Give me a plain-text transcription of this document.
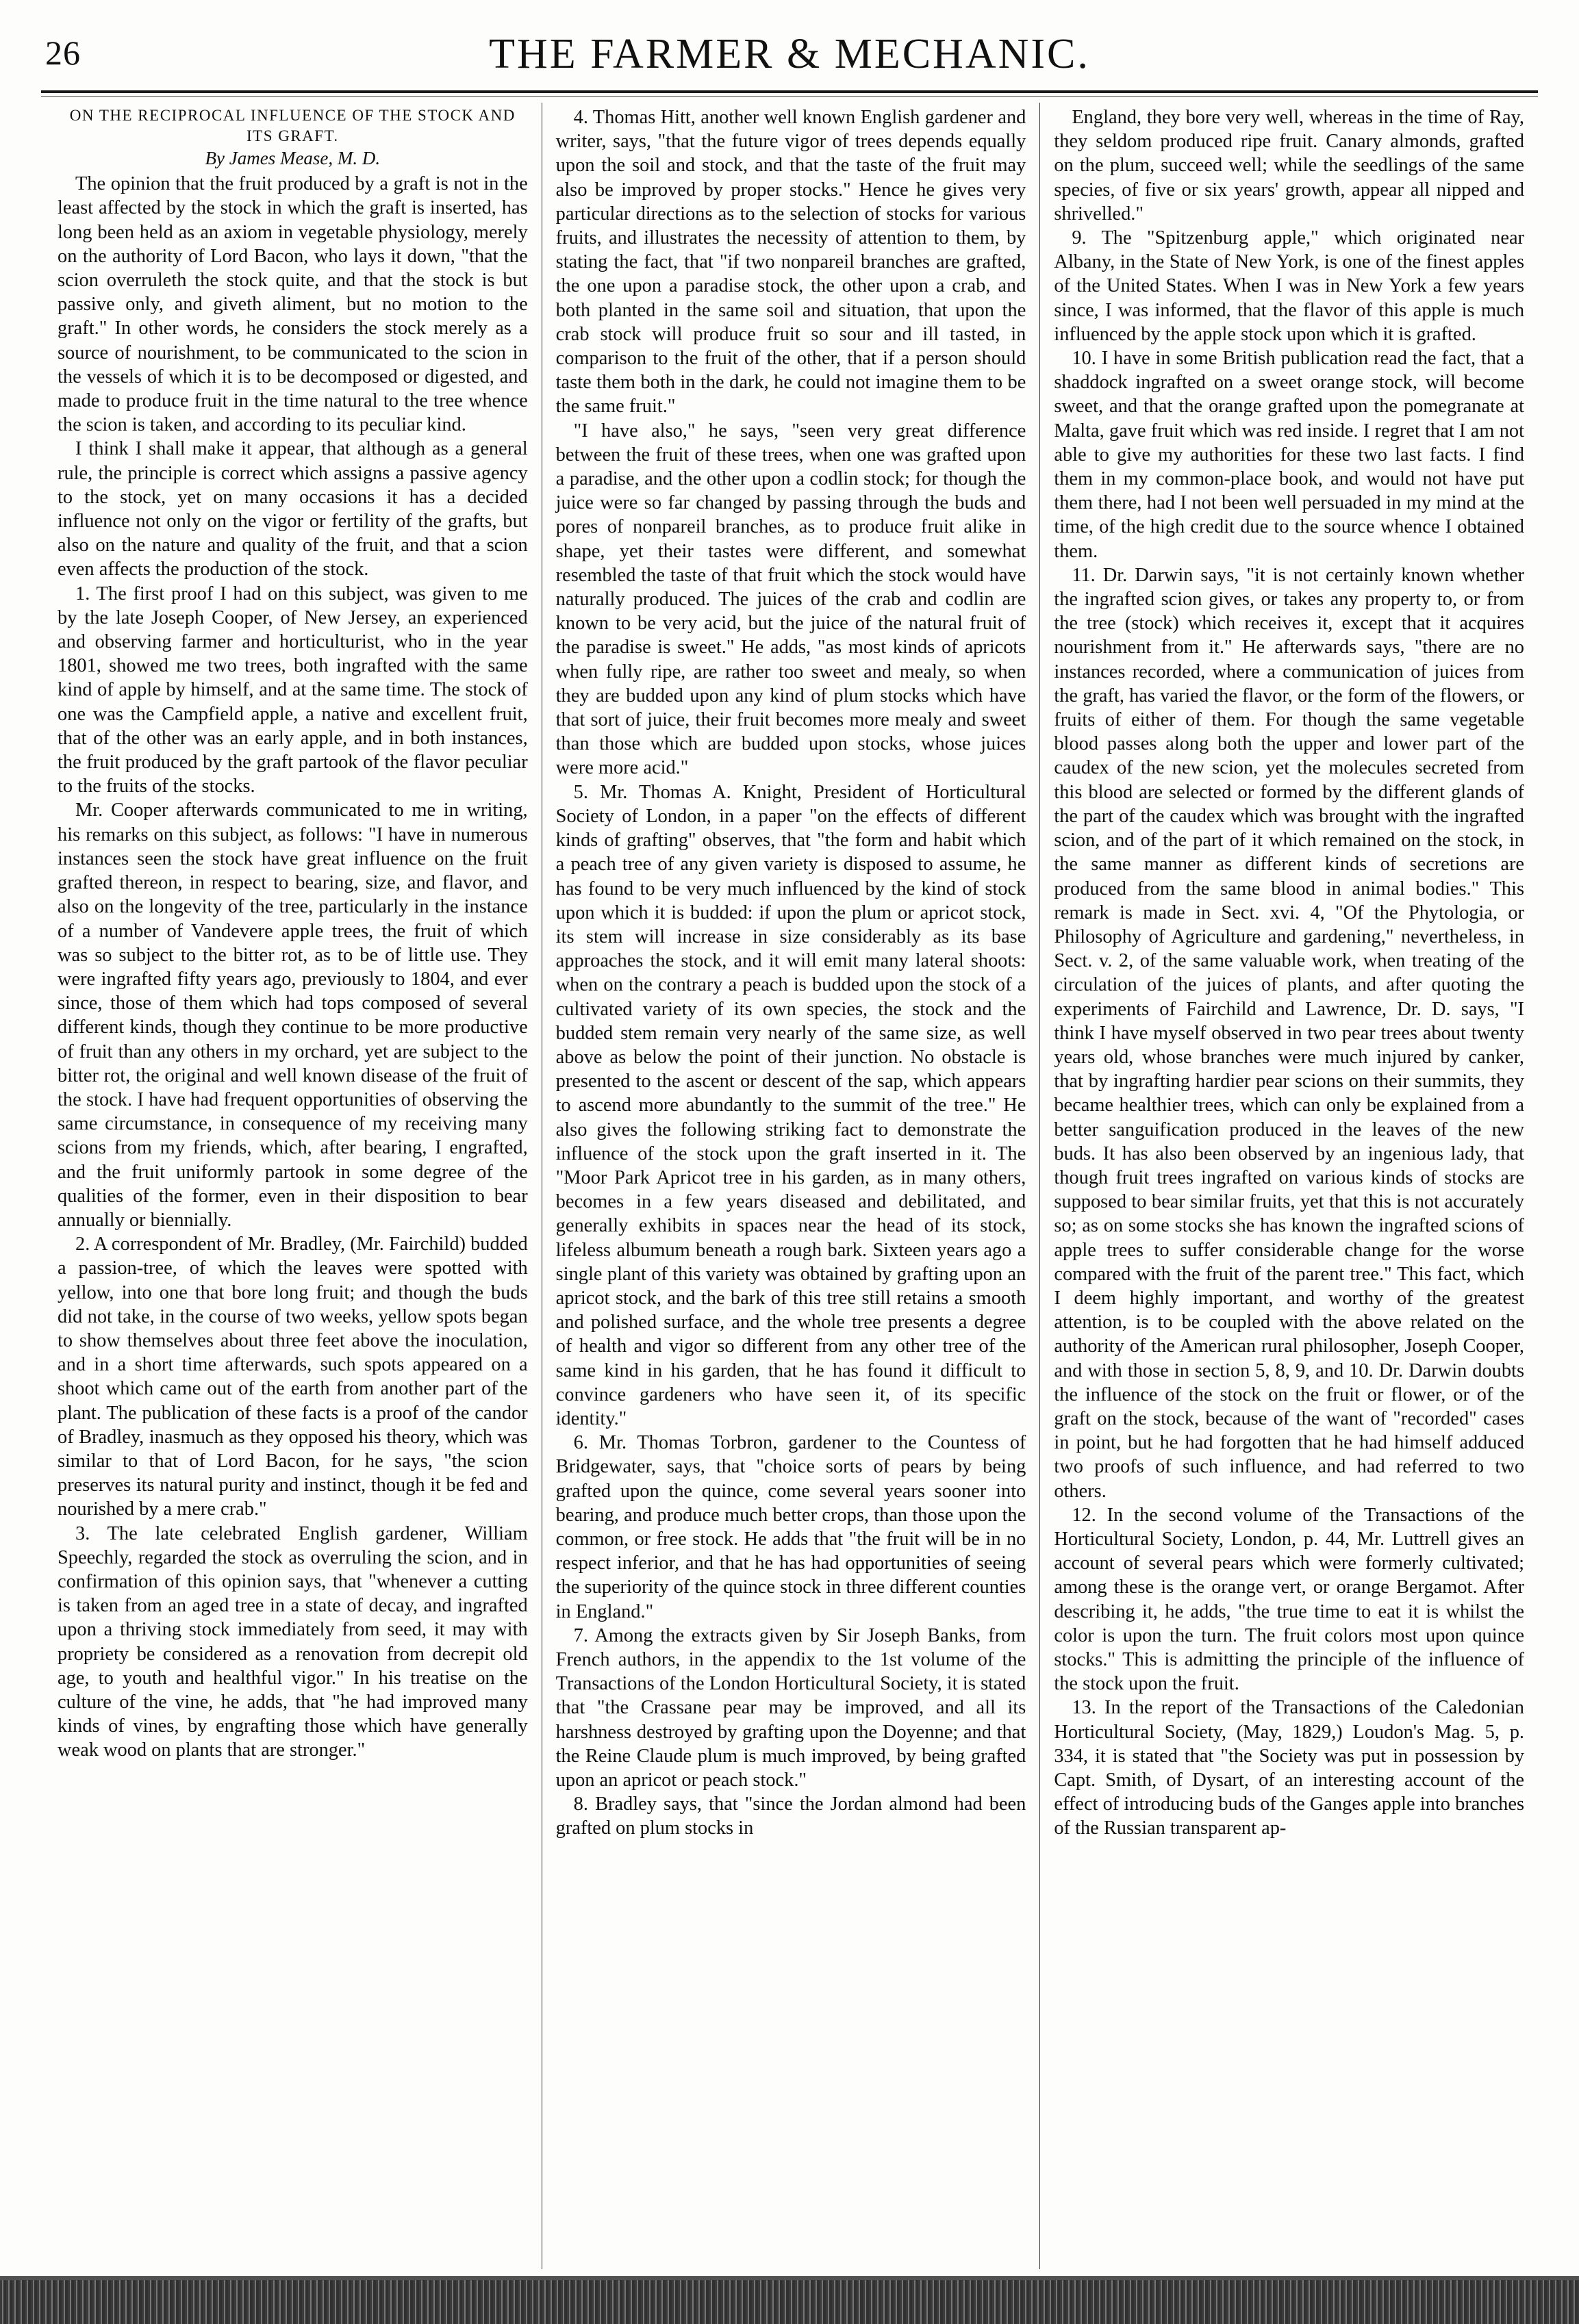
26	THE FARMER & MECHANIC.
ON THE RECIPROCAL INFLUENCE OF THE STOCK AND ITS GRAFT.
By James Mease, M. D.

The opinion that the fruit produced by a graft is not in the least affected by the stock in which the graft is inserted, has long been held as an axiom in vegetable physiology, merely on the authority of Lord Bacon, who lays it down, "that the scion overruleth the stock quite, and that the stock is but passive only, and giveth aliment, but no motion to the graft." In other words, he considers the stock merely as a source of nourishment, to be communicated to the scion in the vessels of which it is to be decomposed or digested, and made to produce fruit in the time natural to the tree whence the scion is taken, and according to its peculiar kind.

I think I shall make it appear, that although as a general rule, the principle is correct which assigns a passive agency to the stock, yet on many occasions it has a decided influence not only on the vigor or fertility of the grafts, but also on the nature and quality of the fruit, and that a scion even affects the production of the stock.

1. The first proof I had on this subject, was given to me by the late Joseph Cooper, of New Jersey, an experienced and observing farmer and horticulturist, who in the year 1801, showed me two trees, both ingrafted with the same kind of apple by himself, and at the same time. The stock of one was the Campfield apple, a native and excellent fruit, that of the other was an early apple, and in both instances, the fruit produced by the graft partook of the flavor peculiar to the fruits of the stocks.

Mr. Cooper afterwards communicated to me in writing, his remarks on this subject, as follows: "I have in numerous instances seen the stock have great influence on the fruit grafted thereon, in respect to bearing, size, and flavor, and also on the longevity of the tree, particularly in the instance of a number of Vandevere apple trees, the fruit of which was so subject to the bitter rot, as to be of little use. They were ingrafted fifty years ago, previously to 1804, and ever since, those of them which had tops composed of several different kinds, though they continue to be more productive of fruit than any others in my orchard, yet are subject to the bitter rot, the original and well known disease of the fruit of the stock. I have had frequent opportunities of observing the same circumstance, in consequence of my receiving many scions from my friends, which, after bearing, I engrafted, and the fruit uniformly partook in some degree of the qualities of the former, even in their disposition to bear annually or biennially.

2. A correspondent of Mr. Bradley, (Mr. Fairchild) budded a passion-tree, of which the leaves were spotted with yellow, into one that bore long fruit; and though the buds did not take, in the course of two weeks, yellow spots began to show themselves about three feet above the inoculation, and in a short time afterwards, such spots appeared on a shoot which came out of the earth from another part of the plant. The publication of these facts is a proof of the candor of Bradley, inasmuch as they opposed his theory, which was similar to that of Lord Bacon, for he says, "the scion preserves its natural purity and instinct, though it be fed and nourished by a mere crab."

3. The late celebrated English gardener, William Speechly, regarded the stock as overruling the scion, and in confirmation of this opinion says, that "whenever a cutting is taken from an aged tree in a state of decay, and ingrafted upon a thriving stock immediately from seed, it may with propriety be considered as a renovation from decrepit old age, to youth and healthful vigor." In his treatise on the culture of the vine, he adds, that "he had improved many kinds of vines, by engrafting those which have generally weak wood on plants that are stronger."

4. Thomas Hitt, another well known English gardener and writer, says, "that the future vigor of trees depends equally upon the soil and stock, and that the taste of the fruit may also be improved by proper stocks." Hence he gives very particular directions as to the selection of stocks for various fruits, and illustrates the necessity of attention to them, by stating the fact, that "if two nonpareil branches are grafted, the one upon a paradise stock, the other upon a crab, and both planted in the same soil and situation, that upon the crab stock will produce fruit so sour and ill tasted, in comparison to the fruit of the other, that if a person should taste them both in the dark, he could not imagine them to be the same fruit."

"I have also," he says, "seen very great difference between the fruit of these trees, when one was grafted upon a paradise, and the other upon a codlin stock; for though the juice were so far changed by passing through the buds and pores of nonpareil branches, as to produce fruit alike in shape, yet their tastes were different, and somewhat resembled the taste of that fruit which the stock would have naturally produced. The juices of the crab and codlin are known to be very acid, but the juice of the natural fruit of the paradise is sweet." He adds, "as most kinds of apricots when fully ripe, are rather too sweet and mealy, so when they are budded upon any kind of plum stocks which have that sort of juice, their fruit becomes more mealy and sweet than those which are budded upon stocks, whose juices were more acid."

5. Mr. Thomas A. Knight, President of Horticultural Society of London, in a paper "on the effects of different kinds of grafting" observes, that "the form and habit which a peach tree of any given variety is disposed to assume, he has found to be very much influenced by the kind of stock upon which it is budded: if upon the plum or apricot stock, its stem will increase in size considerably as its base approaches the stock, and it will emit many lateral shoots: when on the contrary a peach is budded upon the stock of a cultivated variety of its own species, the stock and the budded stem remain very nearly of the same size, as well above as below the point of their junction. No obstacle is presented to the ascent or descent of the sap, which appears to ascend more abundantly to the summit of the tree." He also gives the following striking fact to demonstrate the influence of the stock upon the graft inserted in it. The "Moor Park Apricot tree in his garden, as in many others, becomes in a few years diseased and debilitated, and generally exhibits in spaces near the head of its stock, lifeless albumum beneath a rough bark. Sixteen years ago a single plant of this variety was obtained by grafting upon an apricot stock, and the bark of this tree still retains a smooth and polished surface, and the whole tree presents a degree of health and vigor so different from any other tree of the same kind in his garden, that he has found it difficult to convince gardeners who have seen it, of its specific identity."

6. Mr. Thomas Torbron, gardener to the Countess of Bridgewater, says, that "choice sorts of pears by being grafted upon the quince, come several years sooner into bearing, and produce much better crops, than those upon the common, or free stock. He adds that "the fruit will be in no respect inferior, and that he has had opportunities of seeing the superiority of the quince stock in three different counties in England."

7. Among the extracts given by Sir Joseph Banks, from French authors, in the appendix to the 1st volume of the Transactions of the London Horticultural Society, it is stated that "the Crassane pear may be improved, and all its harshness destroyed by grafting upon the Doyenne; and that the Reine Claude plum is much improved, by being grafted upon an apricot or peach stock."

8. Bradley says, that "since the Jordan almond had been grafted on plum stocks in

England, they bore very well, whereas in the time of Ray, they seldom produced ripe fruit. Canary almonds, grafted on the plum, succeed well; while the seedlings of the same species, of five or six years' growth, appear all nipped and shrivelled."

9. The "Spitzenburg apple," which originated near Albany, in the State of New York, is one of the finest apples of the United States. When I was in New York a few years since, I was informed, that the flavor of this apple is much influenced by the apple stock upon which it is grafted.

10. I have in some British publication read the fact, that a shaddock ingrafted on a sweet orange stock, will become sweet, and that the orange grafted upon the pomegranate at Malta, gave fruit which was red inside. I regret that I am not able to give my authorities for these two last facts. I find them in my common-place book, and would not have put them there, had I not been well persuaded in my mind at the time, of the high credit due to the source whence I obtained them.

11. Dr. Darwin says, "it is not certainly known whether the ingrafted scion gives, or takes any property to, or from the tree (stock) which receives it, except that it acquires nourishment from it." He afterwards says, "there are no instances recorded, where a communication of juices from the graft, has varied the flavor, or the form of the flowers, or fruits of either of them. For though the same vegetable blood passes along both the upper and lower part of the caudex of the new scion, yet the molecules secreted from this blood are selected or formed by the different glands of the part of the caudex which was brought with the ingrafted scion, and of the part of it which remained on the stock, in the same manner as different kinds of secretions are produced from the same blood in animal bodies." This remark is made in Sect. xvi. 4, "Of the Phytologia, or Philosophy of Agriculture and gardening," nevertheless, in Sect. v. 2, of the same valuable work, when treating of the circulation of the juices of plants, and after quoting the experiments of Fairchild and Lawrence, Dr. D. says, "I think I have myself observed in two pear trees about twenty years old, whose branches were much injured by canker, that by ingrafting hardier pear scions on their summits, they became healthier trees, which can only be explained from a better sanguification produced in the leaves of the new buds. It has also been observed by an ingenious lady, that though fruit trees ingrafted on various kinds of stocks are supposed to bear similar fruits, yet that this is not accurately so; as on some stocks she has known the ingrafted scions of apple trees to suffer considerable change for the worse compared with the fruit of the parent tree." This fact, which I deem highly important, and worthy of the greatest attention, is to be coupled with the above related on the authority of the American rural philosopher, Joseph Cooper, and with those in section 5, 8, 9, and 10. Dr. Darwin doubts the influence of the stock on the fruit or flower, or of the graft on the stock, because of the want of "recorded" cases in point, but he had forgotten that he had himself adduced two proofs of such influence, and had referred to two others.

12. In the second volume of the Transactions of the Horticultural Society, London, p. 44, Mr. Luttrell gives an account of several pears which were formerly cultivated; among these is the orange vert, or orange Bergamot. After describing it, he adds, "the true time to eat it is whilst the color is upon the turn. The fruit colors most upon quince stocks." This is admitting the principle of the influence of the stock upon the fruit.

13. In the report of the Transactions of the Caledonian Horticultural Society, (May, 1829,) Loudon's Mag. 5, p. 334, it is stated that "the Society was put in possession by Capt. Smith, of Dysart, of an interesting account of the effect of introducing buds of the Ganges apple into branches of the Russian transparent ap-
